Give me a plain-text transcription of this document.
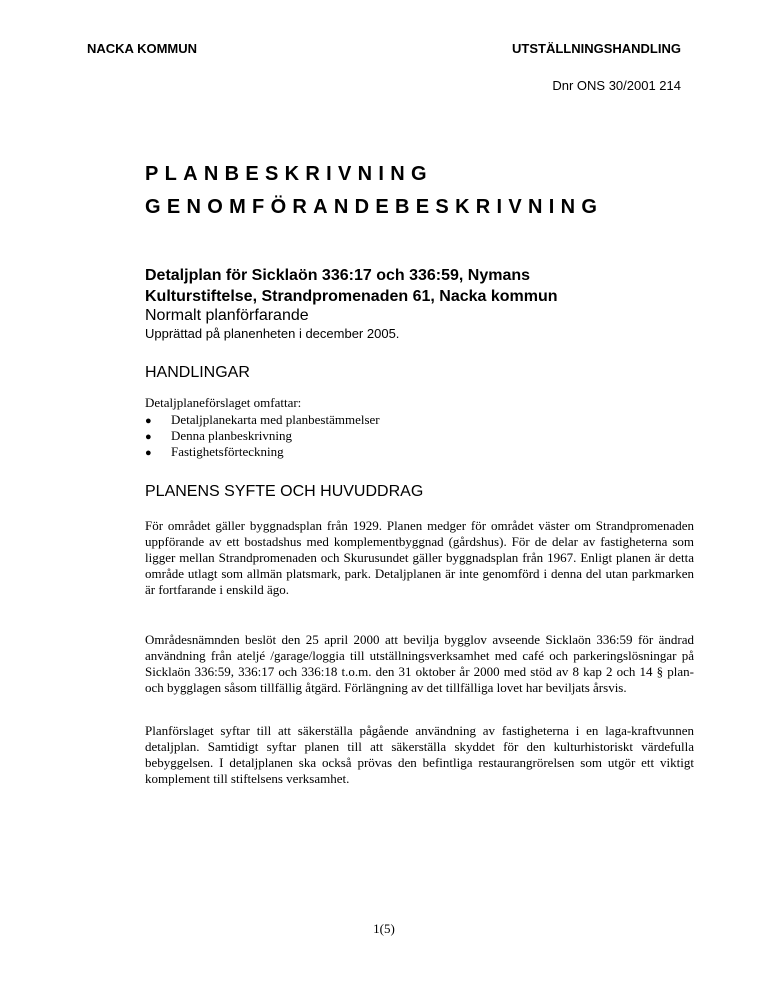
NACKA KOMMUN	UTSTÄLLNINGSHANDLING
Dnr ONS 30/2001 214
PLANBESKRIVNING
GENOMFÖRANDEBESKRIVNING
Detaljplan för Sicklaön 336:17 och 336:59, Nymans Kulturstiftelse, Strandpromenaden 61, Nacka kommun
Normalt planförfarande
Upprättad på planenheten i december 2005.
HANDLINGAR
Detaljplaneförslaget omfattar:
● Detaljplanekarta med planbestämmelser
● Denna planbeskrivning
● Fastighetsförteckning
PLANENS SYFTE OCH HUVUDDRAG

För området gäller byggnadsplan från 1929. Planen medger för området väster om Strandpromenaden uppförande av ett bostadshus med komplementbyggnad (gårdshus). För de delar av fastigheterna som ligger mellan Strandpromenaden och Skurusundet gäller byggnadsplan från 1967. Enligt planen är detta område utlagt som allmän platsmark, park. Detaljplanen är inte genomförd i denna del utan parkmarken är fortfarande i enskild ägo.

Områdesnämnden beslöt den 25 april 2000 att bevilja bygglov avseende Sicklaön 336:59 för ändrad användning från ateljé /garage/loggia till utställningsverksamhet med café och parkeringslösningar på Sicklaön 336:59, 336:17 och 336:18 t.o.m. den 31 oktober år 2000 med stöd av 8 kap 2 och 14 § plan- och bygglagen såsom tillfällig åtgärd. Förlängning av det tillfälliga lovet har beviljats årsvis.

Planförslaget syftar till att säkerställa pågående användning av fastigheterna i en laga-kraftvunnen detaljplan. Samtidigt syftar planen till att säkerställa skyddet för den kulturhistoriskt värdefulla bebyggelsen. I detaljplanen ska också prövas den befintliga restaurangrörelsen som utgör ett viktigt komplement till stiftelsens verksamhet.

1(5)
